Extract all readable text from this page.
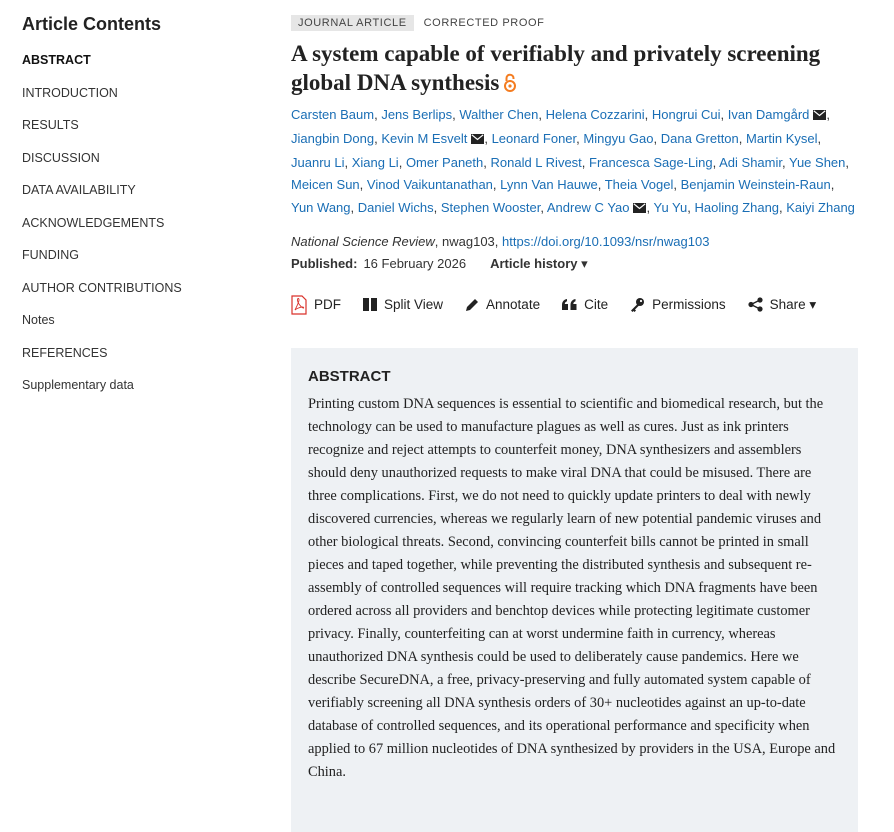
Article Contents
ABSTRACT
INTRODUCTION
RESULTS
DISCUSSION
DATA AVAILABILITY
ACKNOWLEDGEMENTS
FUNDING
AUTHOR CONTRIBUTIONS
Notes
REFERENCES
Supplementary data
JOURNAL ARTICLE	CORRECTED PROOF
A system capable of verifiably and privately screening global DNA synthesis
Carsten Baum, Jens Berlips, Walther Chen, Helena Cozzarini, Hongrui Cui, Ivan Damgård , Jiangbin Dong, Kevin M Esvelt , Leonard Foner, Mingyu Gao, Dana Gretton, Martin Kysel, Juanru Li, Xiang Li, Omer Paneth, Ronald L Rivest, Francesca Sage-Ling, Adi Shamir, Yue Shen, Meicen Sun, Vinod Vaikuntanathan, Lynn Van Hauwe, Theia Vogel, Benjamin Weinstein-Raun, Yun Wang, Daniel Wichs, Stephen Wooster, Andrew C Yao , Yu Yu, Haoling Zhang, Kaiyi Zhang
National Science Review, nwag103, https://doi.org/10.1093/nsr/nwag103
Published: 16 February 2026 Article history ▾
PDF	Split View	Annotate	Cite	Permissions	Share ▾
ABSTRACT

Printing custom DNA sequences is essential to scientific and biomedical research, but the technology can be used to manufacture plagues as well as cures. Just as ink printers recognize and reject attempts to counterfeit money, DNA synthesizers and assemblers should deny unauthorized requests to make viral DNA that could be misused. There are three complications. First, we do not need to quickly update printers to deal with newly discovered currencies, whereas we regularly learn of new potential pandemic viruses and other biological threats. Second, convincing counterfeit bills cannot be printed in small pieces and taped together, while preventing the distributed synthesis and subsequent re-assembly of controlled sequences will require tracking which DNA fragments have been ordered across all providers and benchtop devices while protecting legitimate customer privacy. Finally, counterfeiting can at worst undermine faith in currency, whereas unauthorized DNA synthesis could be used to deliberately cause pandemics. Here we describe SecureDNA, a free, privacy-preserving and fully automated system capable of verifiably screening all DNA synthesis orders of 30+ nucleotides against an up-to-date database of controlled sequences, and its operational performance and specificity when applied to 67 million nucleotides of DNA synthesized by providers in the USA, Europe and China.
